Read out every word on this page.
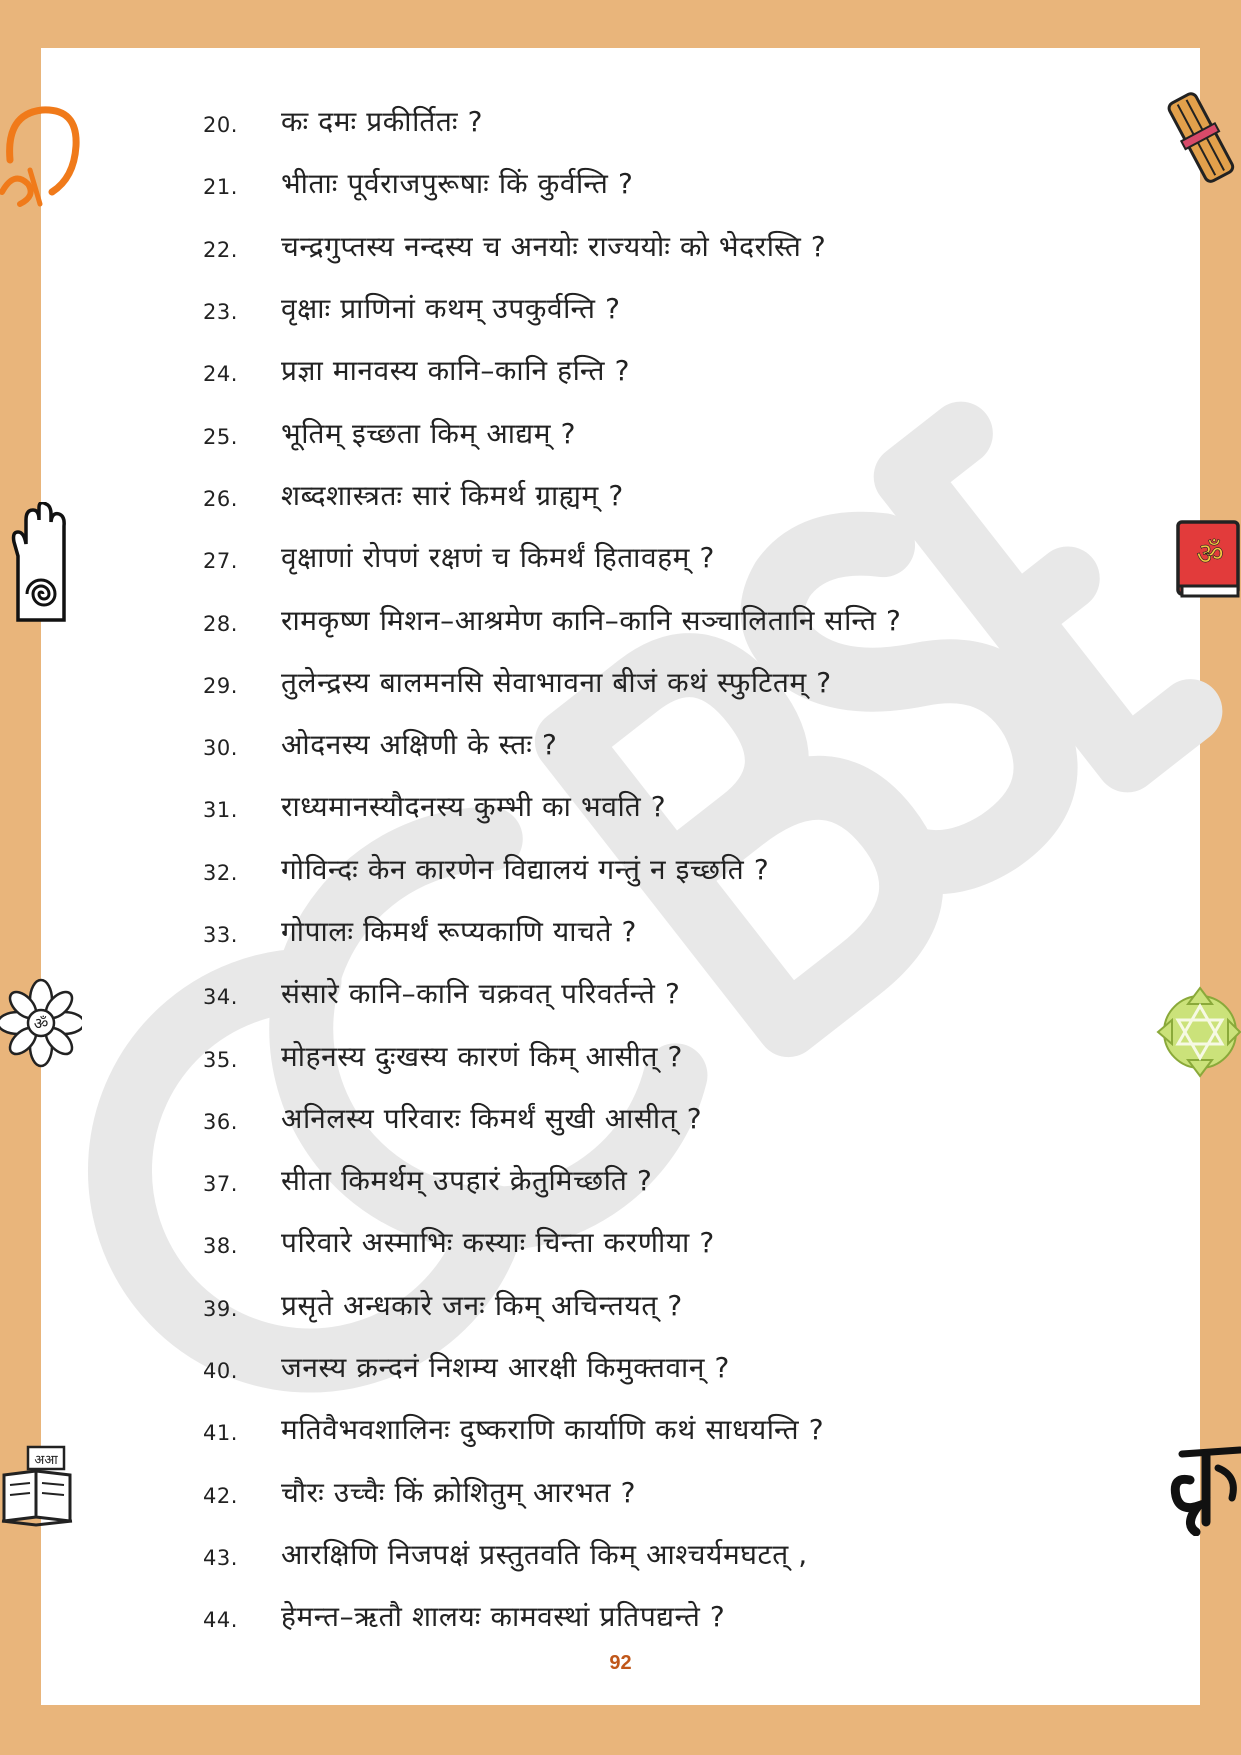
20.	कः दमः प्रकीर्तितः ?
21.	भीताः पूर्वराजपुरूषाः किं कुर्वन्ति ?
22.	चन्द्रगुप्तस्य नन्दस्य च अनयोः राज्ययोः को भेदरस्ति ?
23.	वृक्षाः प्राणिनां कथम् उपकुर्वन्ति ?
24.	प्रज्ञा मानवस्य कानि–कानि हन्ति ?
25.	भूतिम् इच्छता किम् आद्यम् ?
26.	शब्दशास्त्रतः सारं किमर्थ ग्राह्यम् ?
27.	वृक्षाणां रोपणं रक्षणं च किमर्थं हितावहम् ?
28.	रामकृष्ण मिशन–आश्रमेण कानि–कानि सञ्चालितानि सन्ति ?
29.	तुलेन्द्रस्य बालमनसि सेवाभावना बीजं कथं स्फुटितम् ?
30.	ओदनस्य अक्षिणी के स्तः ?
31.	राध्यमानस्यौदनस्य कुम्भी का भवति ?
32.	गोविन्दः केन कारणेन विद्यालयं गन्तुं न इच्छति ?
33.	गोपालः किमर्थं रूप्यकाणि याचते ?
34.	संसारे कानि–कानि चक्रवत् परिवर्तन्ते ?
35.	मोहनस्य दुःखस्य कारणं किम् आसीत् ?
36.	अनिलस्य परिवारः किमर्थं सुखी आसीत् ?
37.	सीता किमर्थम् उपहारं क्रेतुमिच्छति ?
38.	परिवारे अस्माभिः कस्याः चिन्ता करणीया ?
39.	प्रसृते अन्धकारे जनः किम् अचिन्तयत् ?
40.	जनस्य क्रन्दनं निशम्य आरक्षी किमुक्तवान् ?
41.	मतिवैभवशालिनः दुष्कराणि कार्याणि कथं साधयन्ति ?
42.	चौरः उच्चैः किं क्रोशितुम् आरभत ?
43.	आरक्षिणि निजपक्षं प्रस्तुतवति किम् आश्चर्यमघटत् ,
44.	हेमन्त–ऋतौ शालयः कामवस्थां प्रतिपद्यन्ते ?
92
ॐ
अआ
ॐ
